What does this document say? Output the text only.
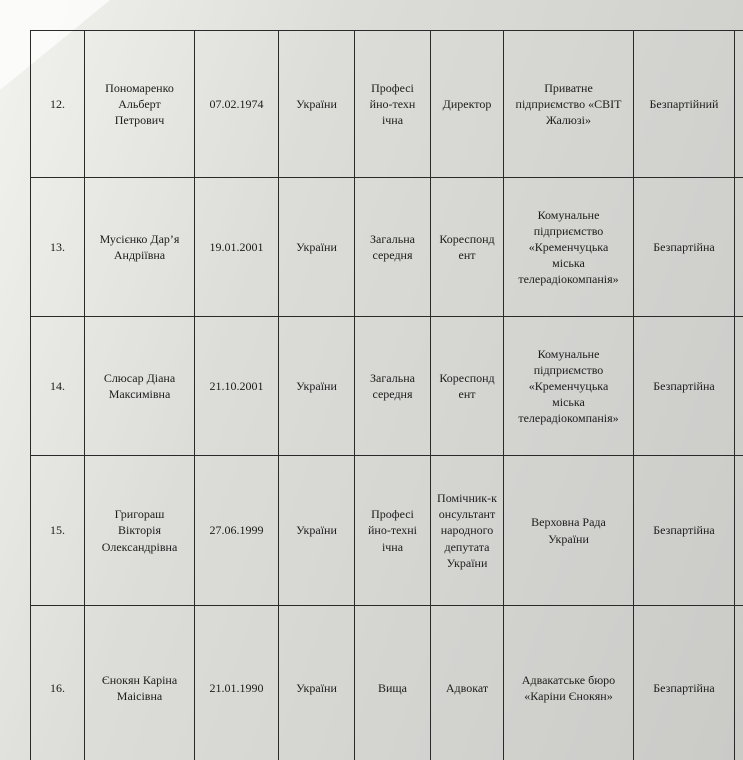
12.	Пономаренко
Альберт
Петрович	07.02.1974	України	Професі
йно-техн
ічна	Директор	Приватне
підприємство «СВІТ
Жалюзі»	Безпартійний	
13.	Мусієнко Дар’я
Андріївна	19.01.2001	України	Загальна
середня	Кореспонд
ент	Комунальне
підприємство
«Кременчуцька
міська
телерадіокомпанія»	Безпартійна	
14.	Слюсар Діана
Максимівна	21.10.2001	України	Загальна
середня	Кореспонд
ент	Комунальне
підприємство
«Кременчуцька
міська
телерадіокомпанія»	Безпартійна	
15.	Григораш
Вікторія
Олександрівна	27.06.1999	України	Професі
йно-техні
ічна	Помічник-к
онсультант
народного
депутата
України	Верховна Рада
України	Безпартійна	
16.	Єнокян Каріна
Маісівна	21.01.1990	України	Вища	Адвокат	Адвакатське бюро
«Каріни Єнокян»	Безпартійна	
